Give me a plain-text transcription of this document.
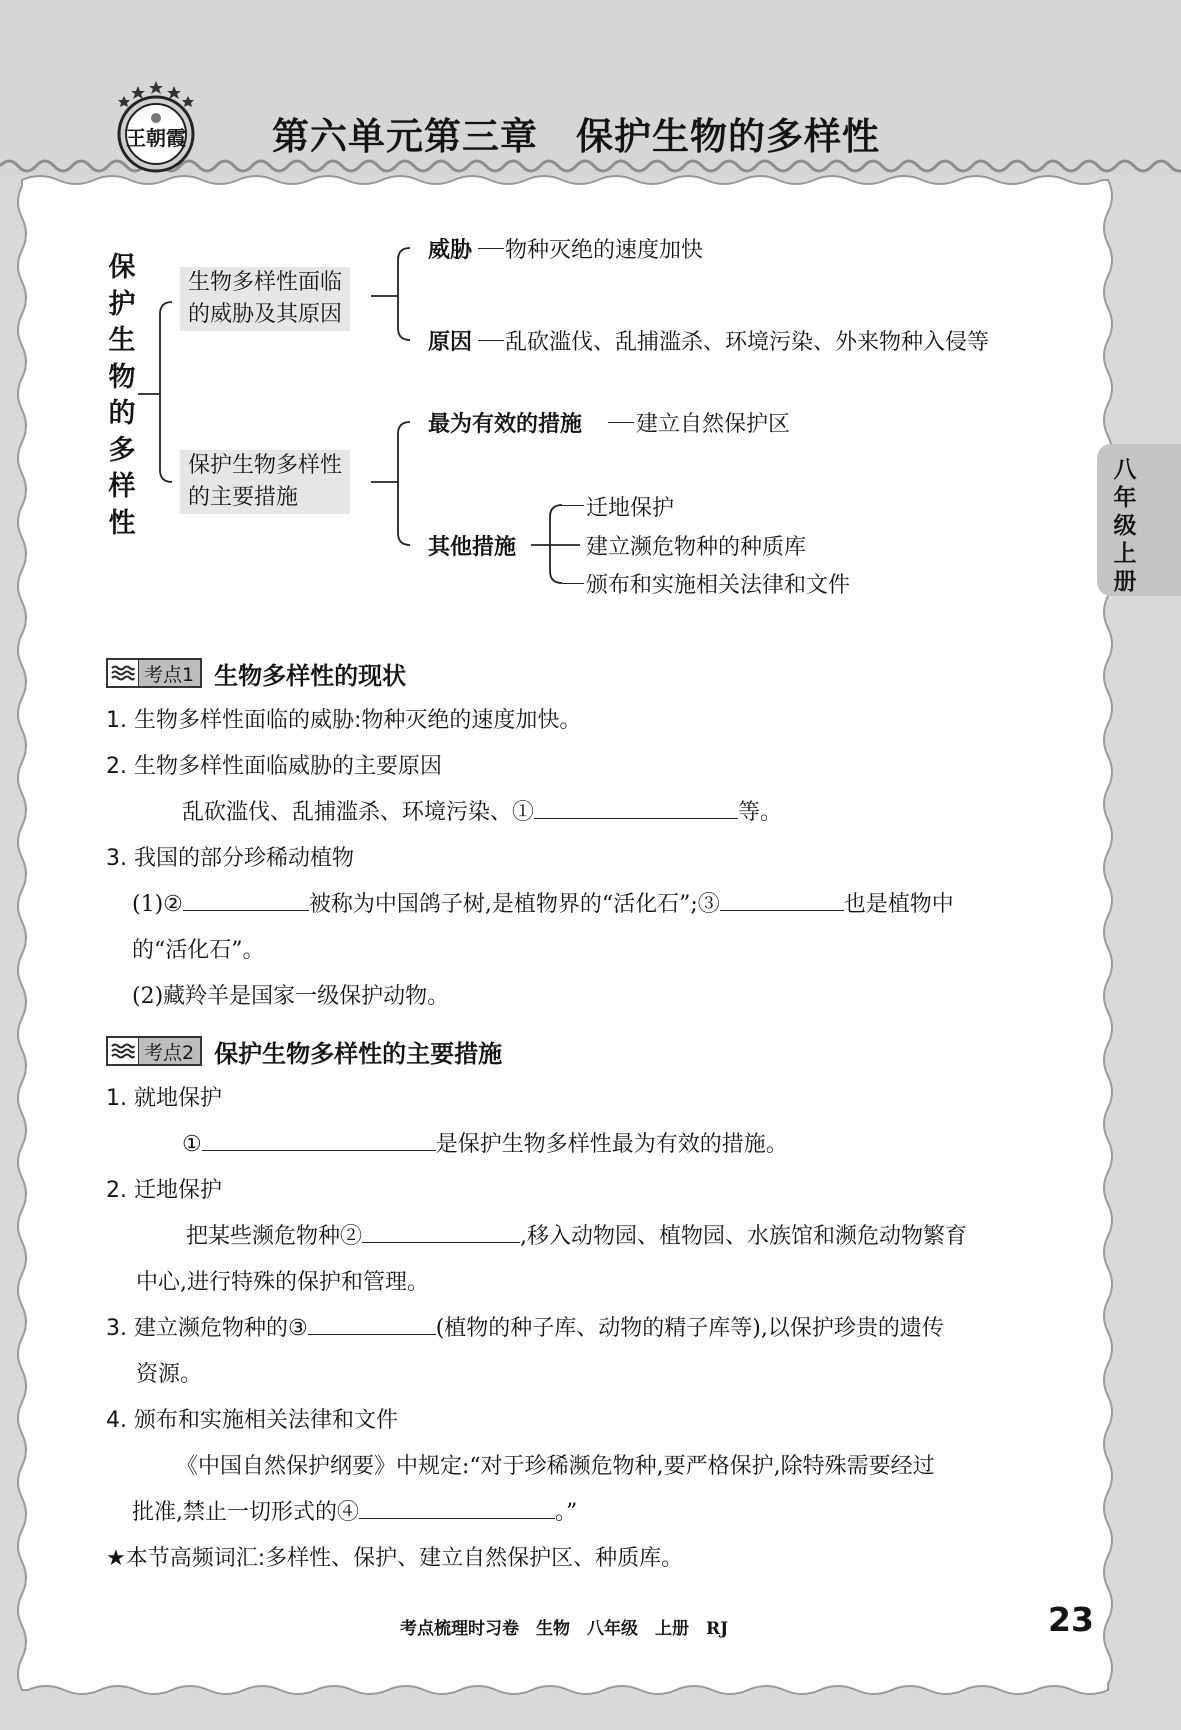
王朝霞 第六单元第三章　保护生物的多样性
八年级上册
保护生物的多样性
生物多样性面临
的威胁及其原因
保护生物多样性
的主要措施
威胁 物种灭绝的速度加快
原因 乱砍滥伐、乱捕滥杀、环境污染、外来物种入侵等
最为有效的措施 建立自然保护区
其他措施
迁地保护
建立濒危物种的种质库
颁布和实施相关法律和文件
考点1 生物多样性的现状
1. 生物多样性面临的威胁:物种灭绝的速度加快。
2. 生物多样性面临威胁的主要原因
乱砍滥伐、乱捕滥杀、环境污染、①	等。
3. 我国的部分珍稀动植物
(1)②	被称为中国鸽子树,是植物界的“活化石”;③	也是植物中
的“活化石”。
(2)藏羚羊是国家一级保护动物。
考点2 保护生物多样性的主要措施
1. 就地保护
①	是保护生物多样性最为有效的措施。
2. 迁地保护
把某些濒危物种②	,移入动物园、植物园、水族馆和濒危动物繁育
中心,进行特殊的保护和管理。
3. 建立濒危物种的③	(植物的种子库、动物的精子库等),以保护珍贵的遗传
资源。
4. 颁布和实施相关法律和文件
《中国自然保护纲要》中规定:“对于珍稀濒危物种,要严格保护,除特殊需要经过
批准,禁止一切形式的④	。”
★本节高频词汇:多样性、保护、建立自然保护区、种质库。
考点梳理时习卷　生物　八年级　上册　RJ	23
